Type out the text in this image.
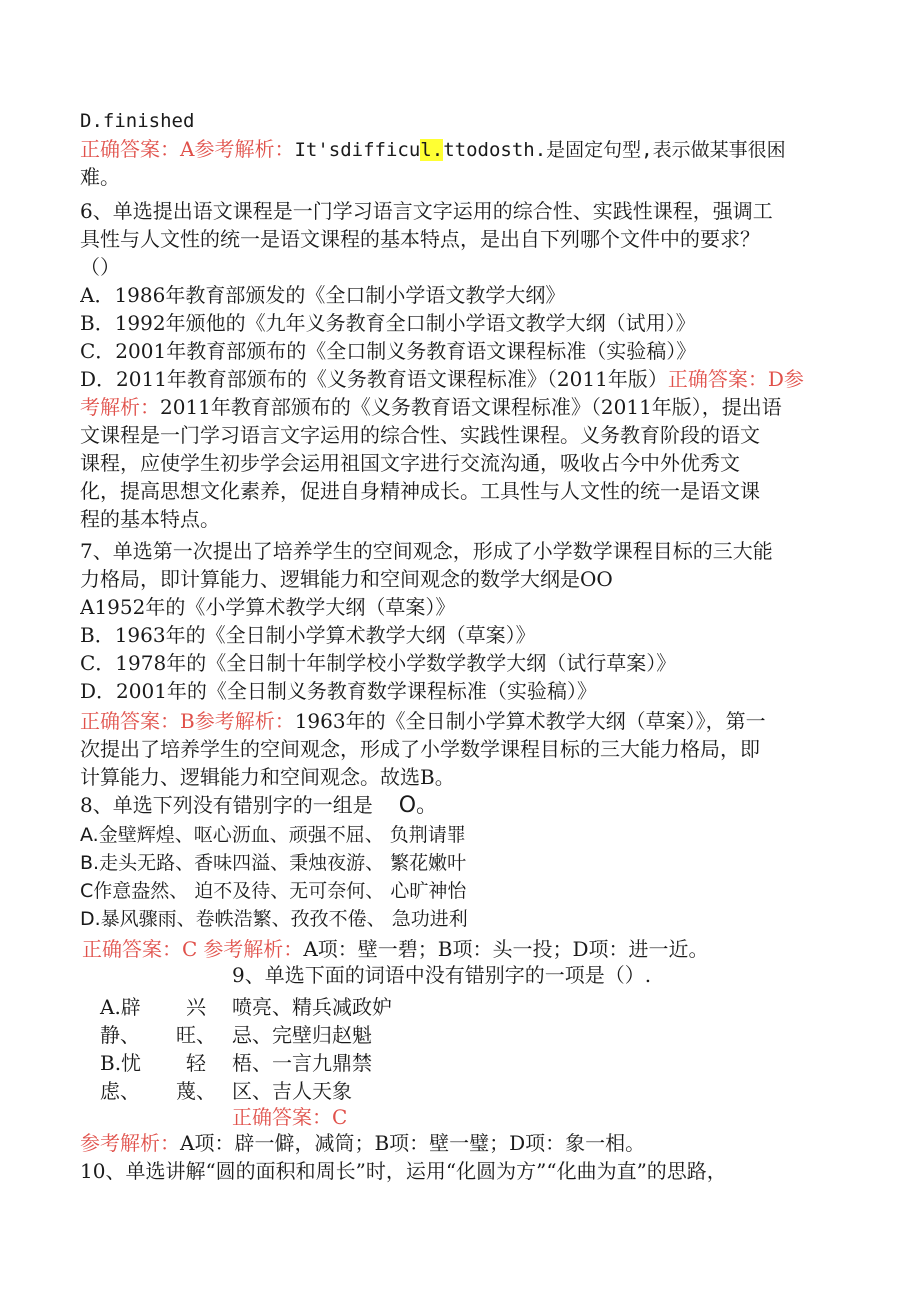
D.finished
正确答案：A参考解析：It'sdifficul.ttodosth.是固定句型,表示做某事很困
难。
6、单选提出语文课程是一门学习语言文字运用的综合性、实践性课程，强调工
具性与人文性的统一是语文课程的基本特点，是出自下列哪个文件中的要求？
（）
A．1986年教育部颁发的《全口制小学语文教学大纲》
B．1992年颁他的《九年义务教育全口制小学语文教学大纲（试用）》
C．2001年教育部颁布的《全口制义务教育语文课程标准（实验稿）》
D．2011年教育部颁布的《义务教育语文课程标准》（2011年版）正确答案：D参
考解析：2011年教育部颁布的《义务教育语文课程标准》（2011年版），提出语
文课程是一门学习语言文字运用的综合性、实践性课程。义务教育阶段的语文
课程，应使学生初步学会运用祖国文字进行交流沟通，吸收占今中外优秀文
化，提高思想文化素养，促进自身精神成长。工具性与人文性的统一是语文课
程的基本特点。
7、单选第一次提出了培养学生的空间观念，形成了小学数学课程目标的三大能
力格局，即计算能力、逻辑能力和空间观念的数学大纲是OO
A1952年的《小学算术教学大纲（草案）》
B．1963年的《全日制小学算术教学大纲（草案）》
C．1978年的《全日制十年制学校小学数学教学大纲（试行草案）》
D．2001年的《全日制义务教育数学课程标准（实验稿）》
正确答案：B参考解析：1963年的《全日制小学算术教学大纲（草案）》，第一
次提出了培养学生的空间观念，形成了小学数学课程目标的三大能力格局，即
计算能力、逻辑能力和空间观念。故选B。
8、单选下列没有错别字的一组是 O。
A.金壁辉煌、呕心沥血、顽强不屈、 负荆请罪
B.走头无路、香味四溢、秉烛夜游、 繁花嫩叶
C作意盎然、 迫不及待、无可奈何、 心旷神怡
D.暴风骤雨、卷帙浩繁、孜孜不倦、 急功进利
正确答案：C 参考解析：A项：壁一碧；B项：头一投；D项：进一近。
9、单选下面的词语中没有错别字的一项是（）.
A.辟 兴 喷亮、精兵减政妒
静、 旺、 忌、完壁归赵魁
B.忧 轻 梧、一言九鼎禁
虑、 蔑、 区、吉人天象
正确答案：C
参考解析：A项：辟一僻，减筒；B项：壁一璧；D项：象一相。
10、单选讲解“圆的面积和周长”时，运用“化圆为方”“化曲为直”的思路，
